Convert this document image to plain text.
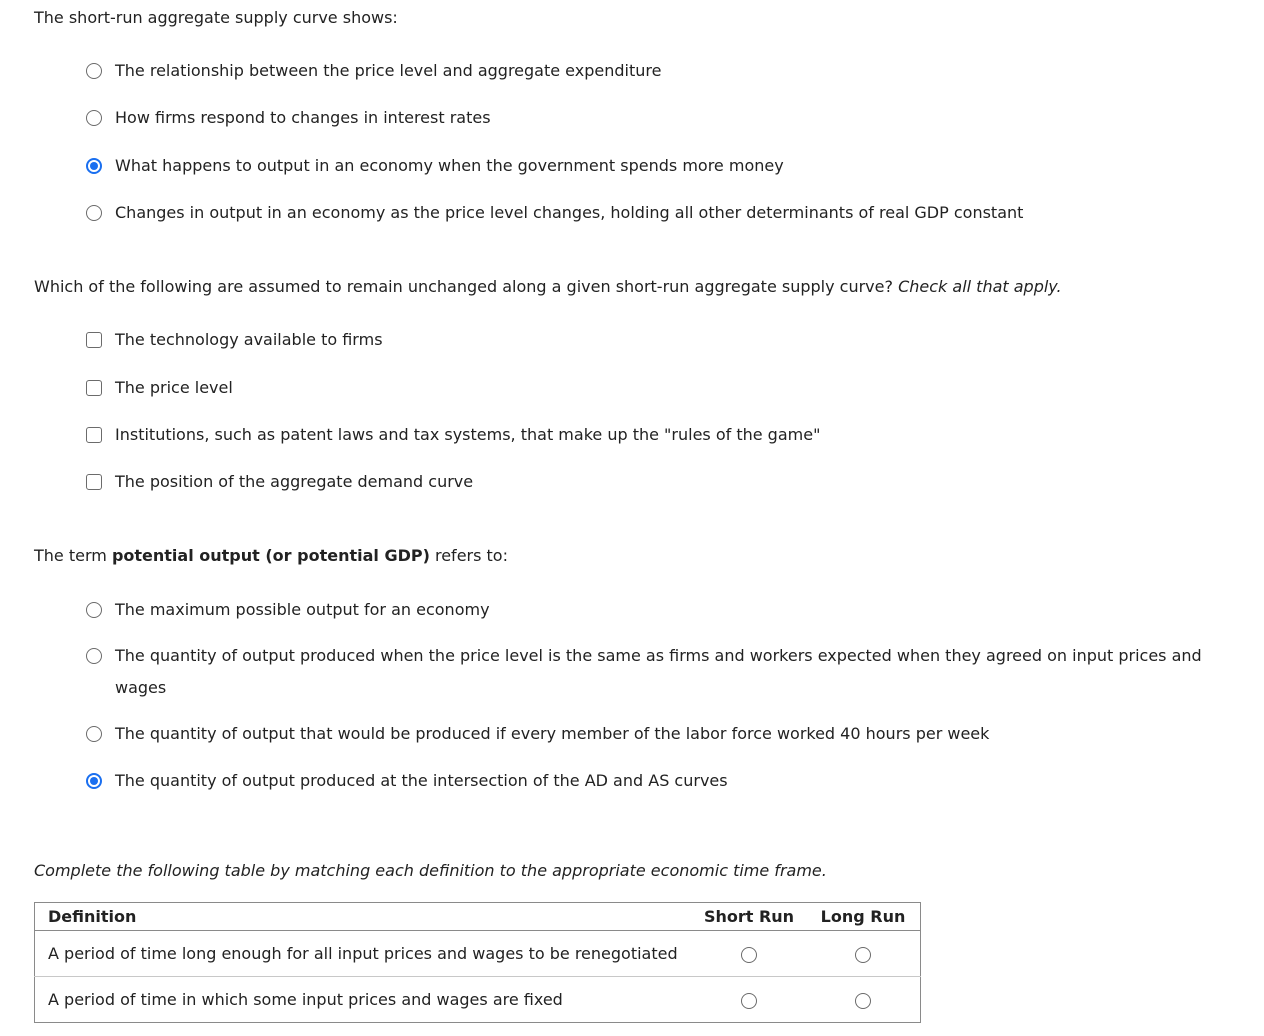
The short-run aggregate supply curve shows:
The relationship between the price level and aggregate expenditure
How firms respond to changes in interest rates
What happens to output in an economy when the government spends more money
Changes in output in an economy as the price level changes, holding all other determinants of real GDP constant
Which of the following are assumed to remain unchanged along a given short-run aggregate supply curve? Check all that apply.
The technology available to firms
The price level
Institutions, such as patent laws and tax systems, that make up the "rules of the game"
The position of the aggregate demand curve
The term potential output (or potential GDP) refers to:
The maximum possible output for an economy
The quantity of output produced when the price level is the same as firms and workers expected when they agreed on input prices and wages
The quantity of output that would be produced if every member of the labor force worked 40 hours per week
The quantity of output produced at the intersection of the AD and AS curves
Complete the following table by matching each definition to the appropriate economic time frame.
Definition	Short Run	Long Run
A period of time long enough for all input prices and wages to be renegotiated		
A period of time in which some input prices and wages are fixed		
